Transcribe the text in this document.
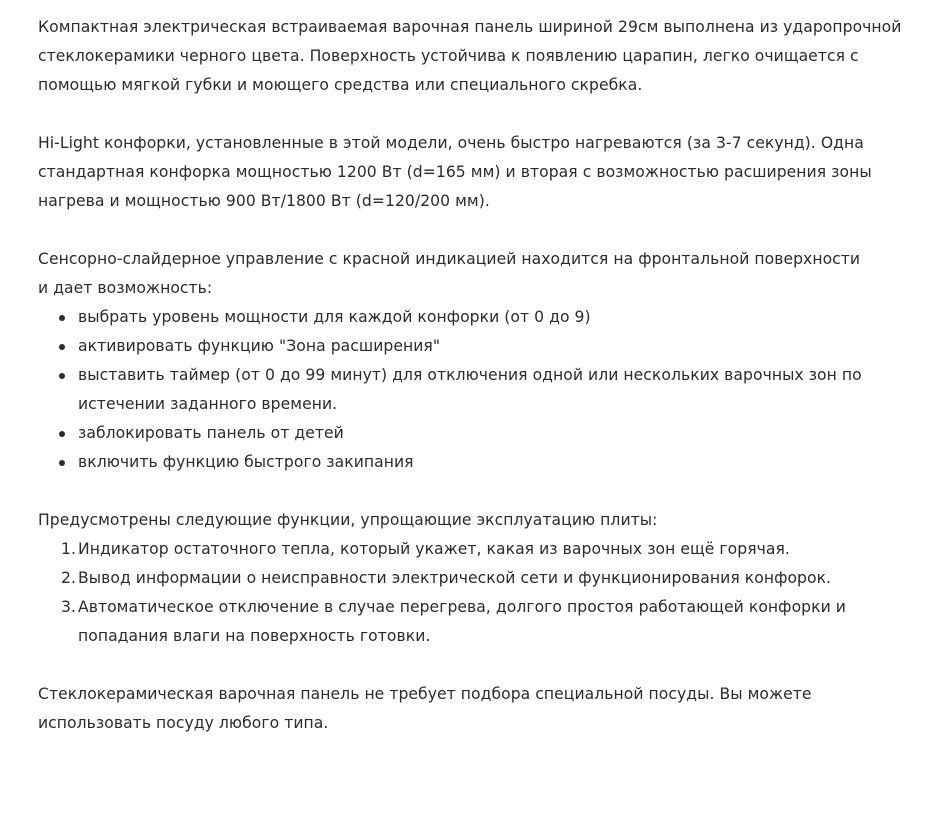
Компактная электрическая встраиваемая варочная панель шириной 29см выполнена из ударопрочной стеклокерамики черного цвета. Поверхность устойчива к появлению царапин, легко очищается с помощью мягкой губки и моющего средства или специального скребка.

Hi-Light конфорки, установленные в этой модели, очень быстро нагреваются (за 3-7 секунд). Одна стандартная конфорка мощностью 1200 Вт (d=165 мм) и вторая с возможностью расширения зоны нагрева и мощностью 900 Вт/1800 Вт (d=120/200 мм).

Сенсорно-слайдерное управление с красной индикацией находится на фронтальной поверхности и дает возможность:

выбрать уровень мощности для каждой конфорки (от 0 до 9)
активировать функцию "Зона расширения"
выставить таймер (от 0 до 99 минут) для отключения одной или нескольких варочных зон по истечении заданного времени.
заблокировать панель от детей
включить функцию быстрого закипания

Предусмотрены следующие функции, упрощающие эксплуатацию плиты:

1. Индикатор остаточного тепла, который укажет, какая из варочных зон ещё горячая.
2. Вывод информации о неисправности электрической сети и функционирования конфорок.
3. Автоматическое отключение в случае перегрева, долгого простоя работающей конфорки и попадания влаги на поверхность готовки.

Стеклокерамическая варочная панель не требует подбора специальной посуды. Вы можете использовать посуду любого типа.
